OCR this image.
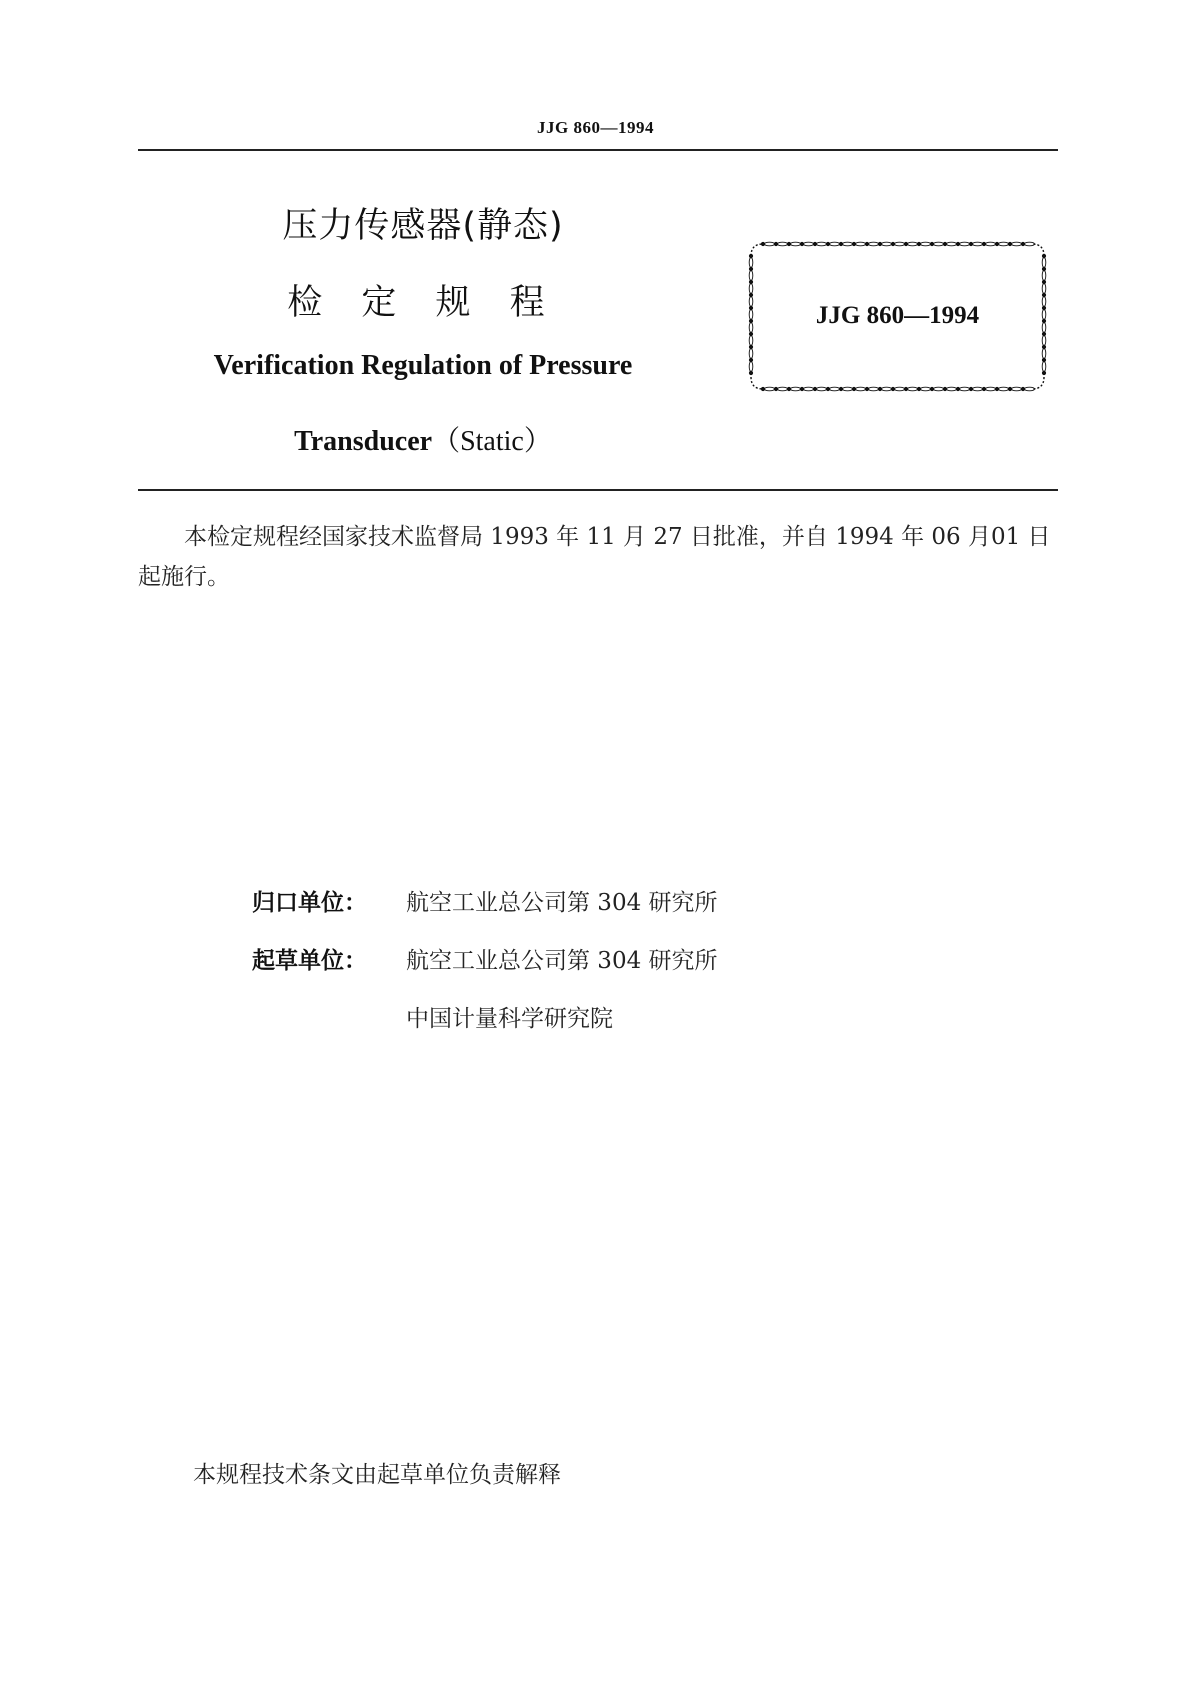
JJG 860—1994
压力传感器(静态)
检 定 规 程
Verification Regulation of Pressure
Transducer（Static）
JJG 860—1994
本检定规程经国家技术监督局 1993 年 11 月 27 日批准，并自 1994 年 06 月01 日起施行。
归口单位：	航空工业总公司第 304 研究所
起草单位：	航空工业总公司第 304 研究所
中国计量科学研究院
本规程技术条文由起草单位负责解释
